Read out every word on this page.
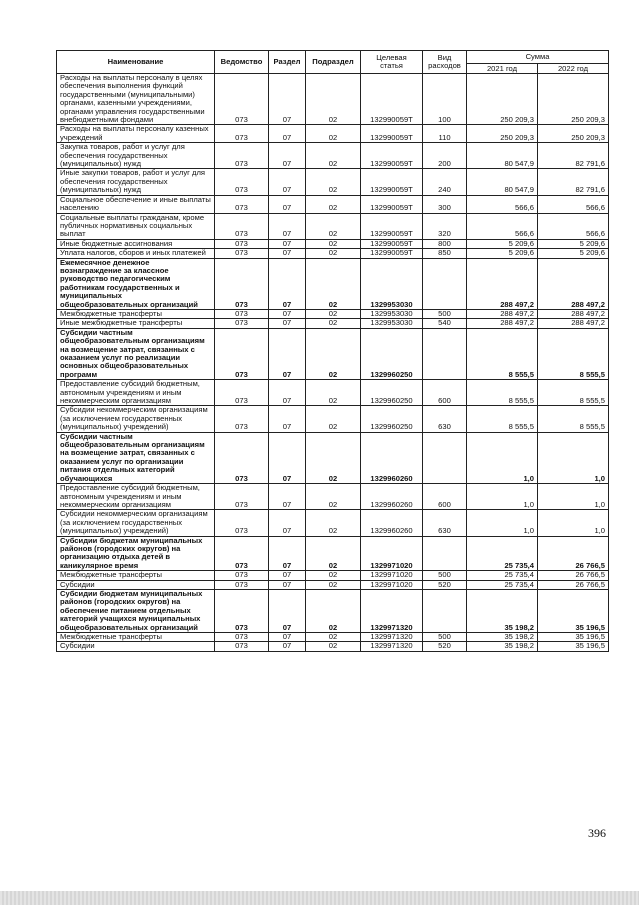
Наименование	Ведомство	Раздел	Подраздел	Целевая статья	Вид расходов	Сумма	
						2021 год	2022 год
Расходы на выплаты персоналу в целях обеспечения выполнения функций государственными (муниципальными) органами, казенными учреждениями, органами управления государственными внебюджетными фондами	073	07	02	132990059Т	100	250 209,3	250 209,3
Расходы на выплаты персоналу казенных учреждений	073	07	02	132990059Т	110	250 209,3	250 209,3
Закупка товаров, работ и услуг для обеспечения государственных (муниципальных) нужд	073	07	02	132990059Т	200	80 547,9	82 791,6
Иные закупки товаров, работ и услуг для обеспечения государственных (муниципальных) нужд	073	07	02	132990059Т	240	80 547,9	82 791,6
Социальное обеспечение и иные выплаты населению	073	07	02	132990059Т	300	566,6	566,6
Социальные выплаты гражданам, кроме публичных нормативных социальных выплат	073	07	02	132990059Т	320	566,6	566,6
Иные бюджетные ассигнования	073	07	02	132990059Т	800	5 209,6	5 209,6
Уплата налогов, сборов и иных платежей	073	07	02	132990059Т	850	5 209,6	5 209,6
Ежемесячное денежное вознаграждение за классное руководство педагогическим работникам государственных и муниципальных общеобразовательных организаций	073	07	02	1329953030		288 497,2	288 497,2
Межбюджетные трансферты	073	07	02	1329953030	500	288 497,2	288 497,2
Иные межбюджетные трансферты	073	07	02	1329953030	540	288 497,2	288 497,2
Субсидии частным общеобразовательным организациям на возмещение затрат, связанных с оказанием услуг по реализации основных общеобразовательных программ	073	07	02	1329960250		8 555,5	8 555,5
Предоставление субсидий бюджетным, автономным учреждениям и иным некоммерческим организациям	073	07	02	1329960250	600	8 555,5	8 555,5
Субсидии некоммерческим организациям (за исключением государственных (муниципальных) учреждений)	073	07	02	1329960250	630	8 555,5	8 555,5
Субсидии частным общеобразовательным организациям на возмещение затрат, связанных с оказанием услуг по организации питания отдельных категорий обучающихся	073	07	02	1329960260		1,0	1,0
Предоставление субсидий бюджетным, автономным учреждениям и иным некоммерческим организациям	073	07	02	1329960260	600	1,0	1,0
Субсидии некоммерческим организациям (за исключением государственных (муниципальных) учреждений)	073	07	02	1329960260	630	1,0	1,0
Субсидии бюджетам муниципальных районов (городских округов) на организацию отдыха детей в каникулярное время	073	07	02	1329971020		25 735,4	26 766,5
Межбюджетные трансферты	073	07	02	1329971020	500	25 735,4	26 766,5
Субсидии	073	07	02	1329971020	520	25 735,4	26 766,5
Субсидии бюджетам муниципальных районов (городских округов) на обеспечение питанием отдельных категорий учащихся муниципальных общеобразовательных организаций	073	07	02	1329971320		35 198,2	35 196,5
Межбюджетные трансферты	073	07	02	1329971320	500	35 198,2	35 196,5
Субсидии	073	07	02	1329971320	520	35 198,2	35 196,5
396
